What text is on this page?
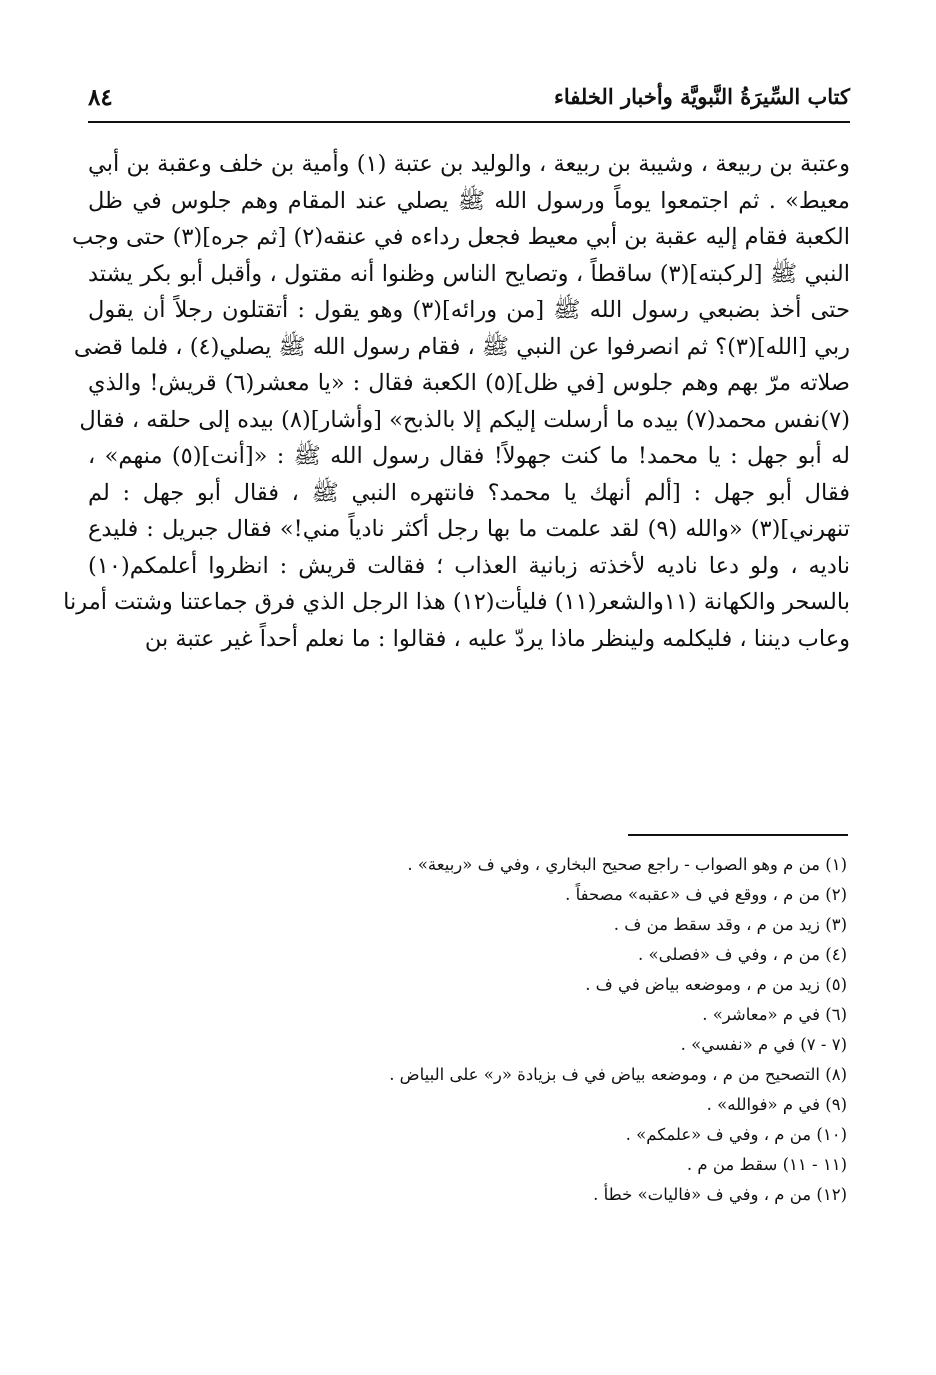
كتاب السِّيرَةُ النَّبويَّة وأخبار الخلفاء
٨٤
وعتبة بن ربيعة ، وشيبة بن ربيعة ، والوليد بن عتبة (١) وأمية بن خلف وعقبة بن أبي
معيط» . ثم اجتمعوا يوماً ورسول الله ﷺ يصلي عند المقام وهم جلوس في ظل
الكعبة فقام إليه عقبة بن أبي معيط فجعل رداءه في عنقه(٢) [ثم جره](٣) حتى وجب
النبي ﷺ [لركبته](٣) ساقطاً ، وتصايح الناس وظنوا أنه مقتول ، وأقبل أبو بكر يشتد
حتى أخذ بضبعي رسول الله ﷺ [من ورائه](٣) وهو يقول : أتقتلون رجلاً أن يقول
ربي [الله](٣)؟ ثم انصرفوا عن النبي ﷺ ، فقام رسول الله ﷺ يصلي(٤) ، فلما قضى
صلاته مرّ بهم وهم جلوس [في ظل](٥) الكعبة فقال : «يا معشر(٦) قريش! والذي
(٧)نفس محمد(٧) بيده ما أرسلت إليكم إلا بالذبح» [وأشار](٨) بيده إلى حلقه ، فقال
له أبو جهل : يا محمد! ما كنت جهولاً! فقال رسول الله ﷺ : «[أنت](٥) منهم» ،
فقال أبو جهل : [ألم أنهك يا محمد؟ فانتهره النبي ﷺ ، فقال أبو جهل : لم
تنهرني](٣) «والله (٩) لقد علمت ما بها رجل أكثر نادياً مني!» فقال جبريل : فليدع
ناديه ، ولو دعا ناديه لأخذته زبانية العذاب ؛ فقالت قريش : انظروا أعلمكم(١٠)
بالسحر والكهانة (١١والشعر(١١) فليأت(١٢) هذا الرجل الذي فرق جماعتنا وشتت أمرنا
وعاب ديننا ، فليكلمه ولينظر ماذا يردّ عليه ، فقالوا : ما نعلم أحداً غير عتبة بن
(١) من م وهو الصواب - راجع صحيح البخاري ، وفي ف «ربيعة» .
(٢) من م ، ووقع في ف «عقبه» مصحفاً .
(٣) زيد من م ، وقد سقط من ف .
(٤) من م ، وفي ف «فصلى» .
(٥) زيد من م ، وموضعه بياض في ف .
(٦) في م «معاشر» .
(٧ - ٧) في م «نفسي» .
(٨) التصحيح من م ، وموضعه بياض في ف بزيادة «ر» على البياض .
(٩) في م «فوالله» .
(١٠) من م ، وفي ف «علمكم» .
(١١ - ١١) سقط من م .
(١٢) من م ، وفي ف «فاليات» خطأ .
